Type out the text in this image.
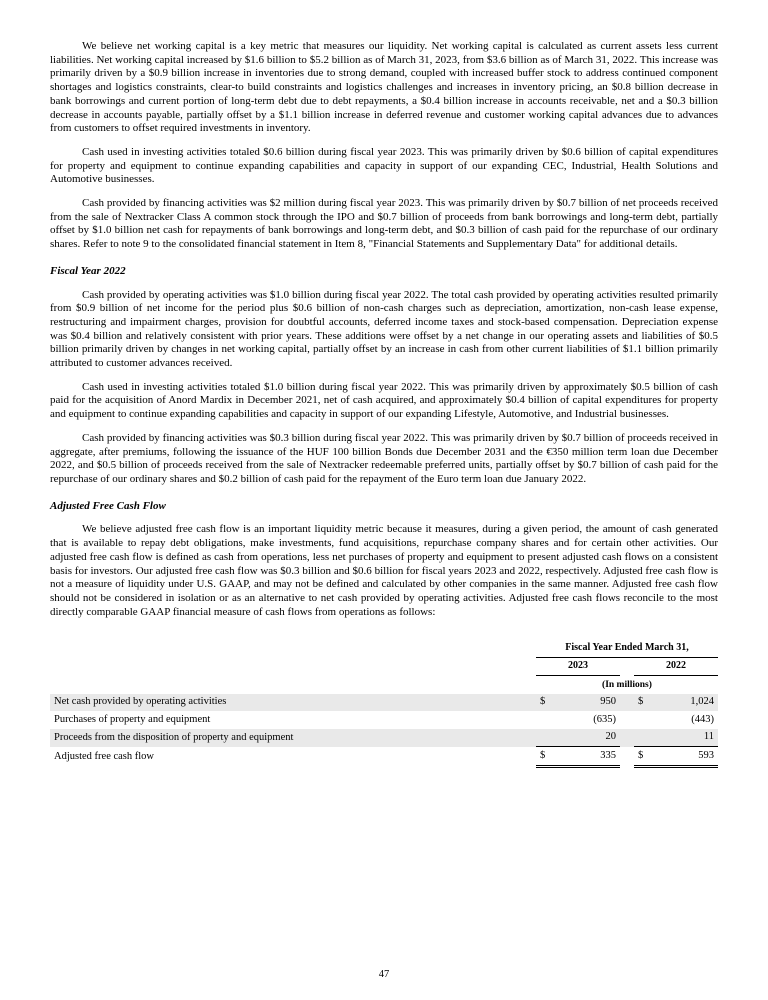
We believe net working capital is a key metric that measures our liquidity. Net working capital is calculated as current assets less current liabilities. Net working capital increased by $1.6 billion to $5.2 billion as of March 31, 2023, from $3.6 billion as of March 31, 2022. This increase was primarily driven by a $0.9 billion increase in inventories due to strong demand, coupled with increased buffer stock to address continued component shortages and logistics constraints, clear-to build constraints and logistics challenges and increases in inventory pricing, an $0.8 billion decrease in bank borrowings and current portion of long-term debt due to debt repayments, a $0.4 billion increase in accounts receivable, net and a $0.3 billion decrease in accounts payable, partially offset by a $1.1 billion increase in deferred revenue and customer working capital advances due to advances from customers to offset required investments in inventory.

Cash used in investing activities totaled $0.6 billion during fiscal year 2023. This was primarily driven by $0.6 billion of capital expenditures for property and equipment to continue expanding capabilities and capacity in support of our expanding CEC, Industrial, Health Solutions and Automotive businesses.

Cash provided by financing activities was $2 million during fiscal year 2023. This was primarily driven by $0.7 billion of net proceeds received from the sale of Nextracker Class A common stock through the IPO and $0.7 billion of proceeds from bank borrowings and long-term debt, partially offset by $1.0 billion net cash for repayments of bank borrowings and long-term debt, and $0.3 billion of cash paid for the repurchase of our ordinary shares. Refer to note 9 to the consolidated financial statement in Item 8, "Financial Statements and Supplementary Data" for additional details.

Fiscal Year 2022

Cash provided by operating activities was $1.0 billion during fiscal year 2022. The total cash provided by operating activities resulted primarily from $0.9 billion of net income for the period plus $0.6 billion of non-cash charges such as depreciation, amortization, non-cash lease expense, restructuring and impairment charges, provision for doubtful accounts, deferred income taxes and stock-based compensation. Depreciation expense was $0.4 billion and relatively consistent with prior years. These additions were offset by a net change in our operating assets and liabilities of $0.5 billion primarily driven by changes in net working capital, partially offset by an increase in cash from other current liabilities of $1.1 billion primarily attributed to customer advances received.

Cash used in investing activities totaled $1.0 billion during fiscal year 2022. This was primarily driven by approximately $0.5 billion of cash paid for the acquisition of Anord Mardix in December 2021, net of cash acquired, and approximately $0.4 billion of capital expenditures for property and equipment to continue expanding capabilities and capacity in support of our expanding Lifestyle, Automotive, and Industrial businesses.

Cash provided by financing activities was $0.3 billion during fiscal year 2022. This was primarily driven by $0.7 billion of proceeds received in aggregate, after premiums, following the issuance of the HUF 100 billion Bonds due December 2031 and the €350 million term loan due December 2022, and $0.5 billion of proceeds received from the sale of Nextracker redeemable preferred units, partially offset by $0.7 billion of cash paid for the repurchase of our ordinary shares and $0.2 billion of cash paid for the repayment of the Euro term loan due January 2022.

Adjusted Free Cash Flow

We believe adjusted free cash flow is an important liquidity metric because it measures, during a given period, the amount of cash generated that is available to repay debt obligations, make investments, fund acquisitions, repurchase company shares and for certain other activities. Our adjusted free cash flow is defined as cash from operations, less net purchases of property and equipment to present adjusted cash flows on a consistent basis for investors. Our adjusted free cash flow was $0.3 billion and $0.6 billion for fiscal years 2023 and 2022, respectively. Adjusted free cash flow is not a measure of liquidity under U.S. GAAP, and may not be defined and calculated by other companies in the same manner. Adjusted free cash flow should not be considered in isolation or as an alternative to net cash provided by operating activities. Adjusted free cash flows reconcile to the most directly comparable GAAP financial measure of cash flows from operations as follows:

	Fiscal Year Ended March 31,				
	2023			2022	
	(In millions)				
Net cash provided by operating activities	$	950		$	1,024
Purchases of property and equipment		(635)			(443)
Proceeds from the disposition of property and equipment		20			11
Adjusted free cash flow	$	335		$	593
47
